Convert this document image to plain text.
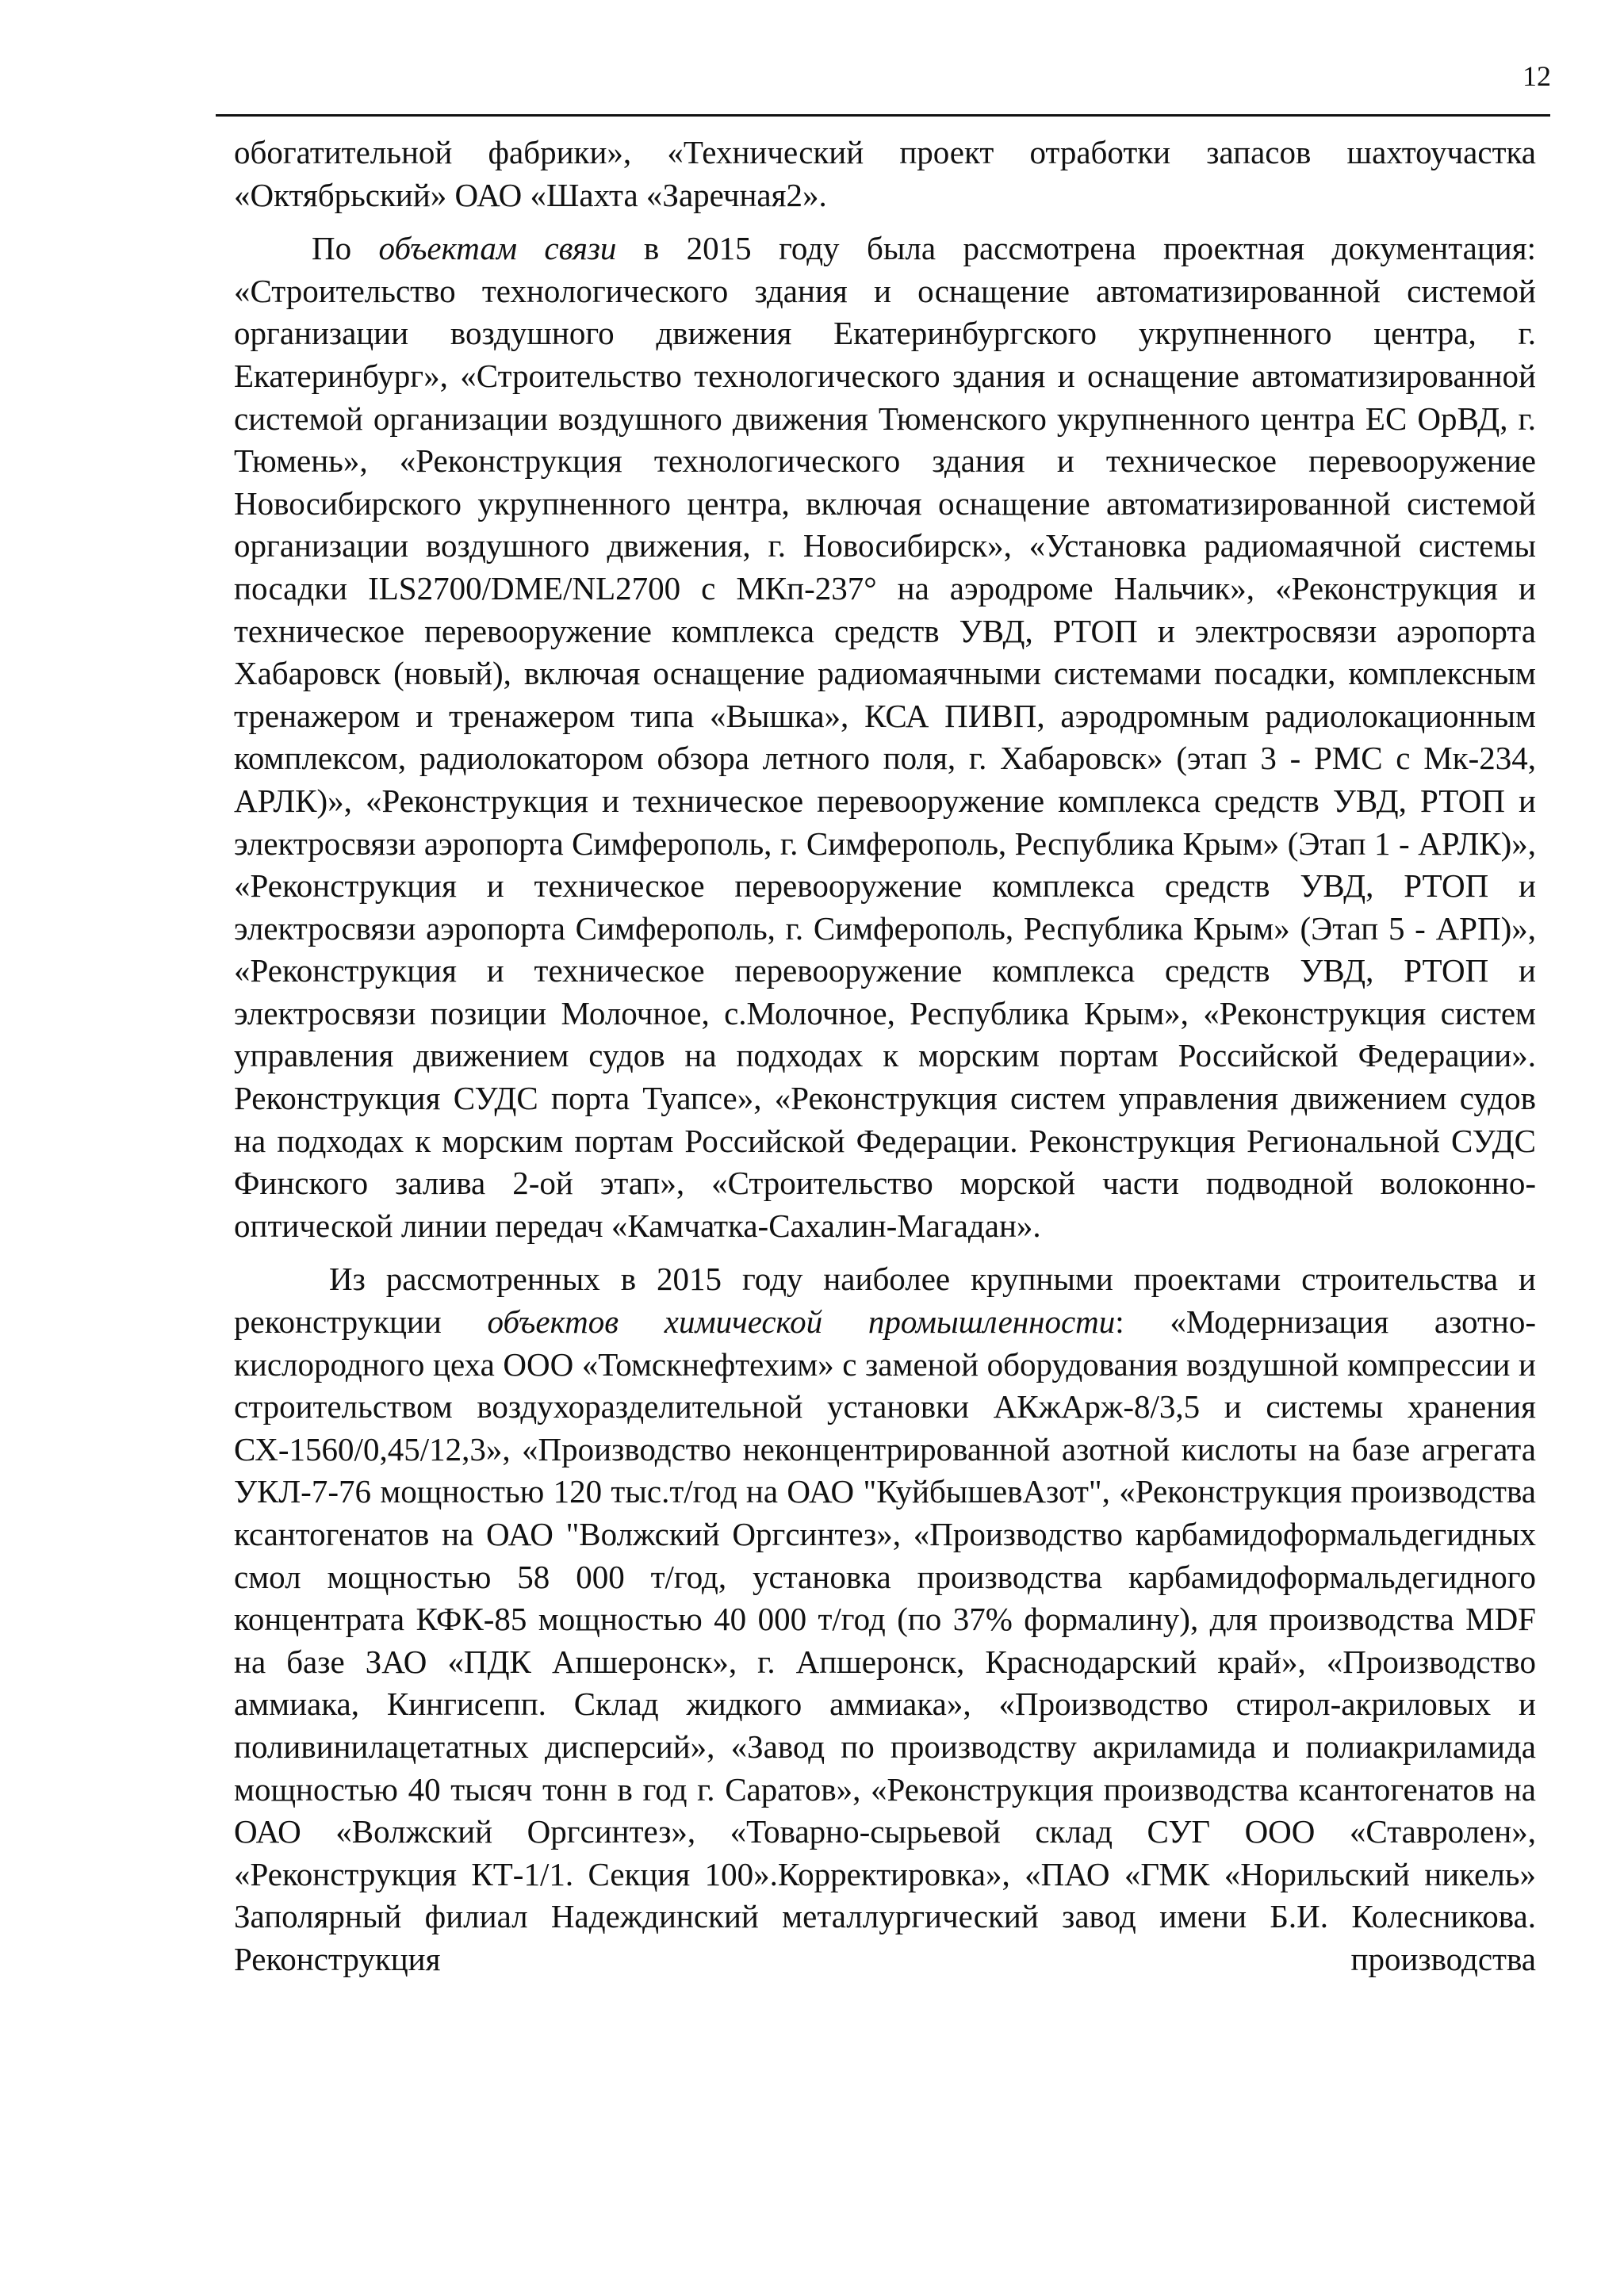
12

обогатительной фабрики», «Технический проект отработки запасов шахтоучастка «Октябрьский» ОАО «Шахта «Заречная2».

По объектам связи в 2015 году была рассмотрена проектная документация: «Строительство технологического здания и оснащение автоматизированной системой организации воздушного движения Екатеринбургского укрупненного центра, г. Екатеринбург», «Строительство технологического здания и оснащение автоматизированной системой организации воздушного движения Тюменского укрупненного центра ЕС ОрВД, г. Тюмень», «Реконструкция технологического здания и техническое перевооружение Новосибирского укрупненного центра, включая оснащение автоматизированной системой организации воздушного движения, г. Новосибирск», «Установка радиомаячной системы посадки ILS2700/DME/NL2700 с МКп-237° на аэродроме Нальчик», «Реконструкция и техническое перевооружение комплекса средств УВД, РТОП и электросвязи аэропорта Хабаровск (новый), включая оснащение радиомаячными системами посадки, комплексным тренажером и тренажером типа «Вышка», КСА ПИВП, аэродромным радиолокационным комплексом, радиолокатором обзора летного поля, г. Хабаровск» (этап 3 - РМС с Мк-234, АРЛК)», «Реконструкция и техническое перевооружение комплекса средств УВД, РТОП и электросвязи аэропорта Симферополь, г. Симферополь, Республика Крым» (Этап 1 - АРЛК)», «Реконструкция и техническое перевооружение комплекса средств УВД, РТОП и электросвязи аэропорта Симферополь, г. Симферополь, Республика Крым» (Этап 5 - АРП)», «Реконструкция и техническое перевооружение комплекса средств УВД, РТОП и электросвязи позиции Молочное, с.Молочное, Республика Крым», «Реконструкция систем управления движением судов на подходах к морским портам Российской Федерации». Реконструкция СУДС порта Туапсе», «Реконструкция систем управления движением судов на подходах к морским портам Российской Федерации. Реконструкция Региональной СУДС Финского залива 2-ой этап», «Строительство морской части подводной волоконно-оптической линии передач «Камчатка-Сахалин-Магадан».

Из рассмотренных в 2015 году наиболее крупными проектами строительства и реконструкции объектов химической промышленности: «Модернизация азотно-кислородного цеха ООО «Томскнефтехим» с заменой оборудования воздушной компрессии и строительством воздухоразделительной установки АКжАрж-8/3,5 и системы хранения СХ-1560/0,45/12,3», «Производство неконцентрированной азотной кислоты на базе агрегата УКЛ-7-76 мощностью 120 тыс.т/год на ОАО "КуйбышевАзот", «Реконструкция производства ксантогенатов на ОАО "Волжский Оргсинтез», «Производство карбамидоформальдегидных смол мощностью 58 000 т/год, установка производства карбамидоформальдегидного концентрата КФК-85 мощностью 40 000 т/год (по 37% формалину), для производства MDF на базе ЗАО «ПДК Апшеронск», г. Апшеронск, Краснодарский край», «Производство аммиака, Кингисепп. Склад жидкого аммиака», «Производство стирол-акриловых и поливинилацетатных дисперсий», «Завод по производству акриламида и полиакриламида мощностью 40 тысяч тонн в год г. Саратов», «Реконструкция производства ксантогенатов на ОАО «Волжский Оргсинтез», «Товарно-сырьевой склад СУГ ООО «Ставролен», «Реконструкция КТ-1/1. Секция 100».Корректировка», «ПАО «ГМК «Норильский никель» Заполярный филиал Надеждинский металлургический завод имени Б.И. Колесникова. Реконструкция производства
